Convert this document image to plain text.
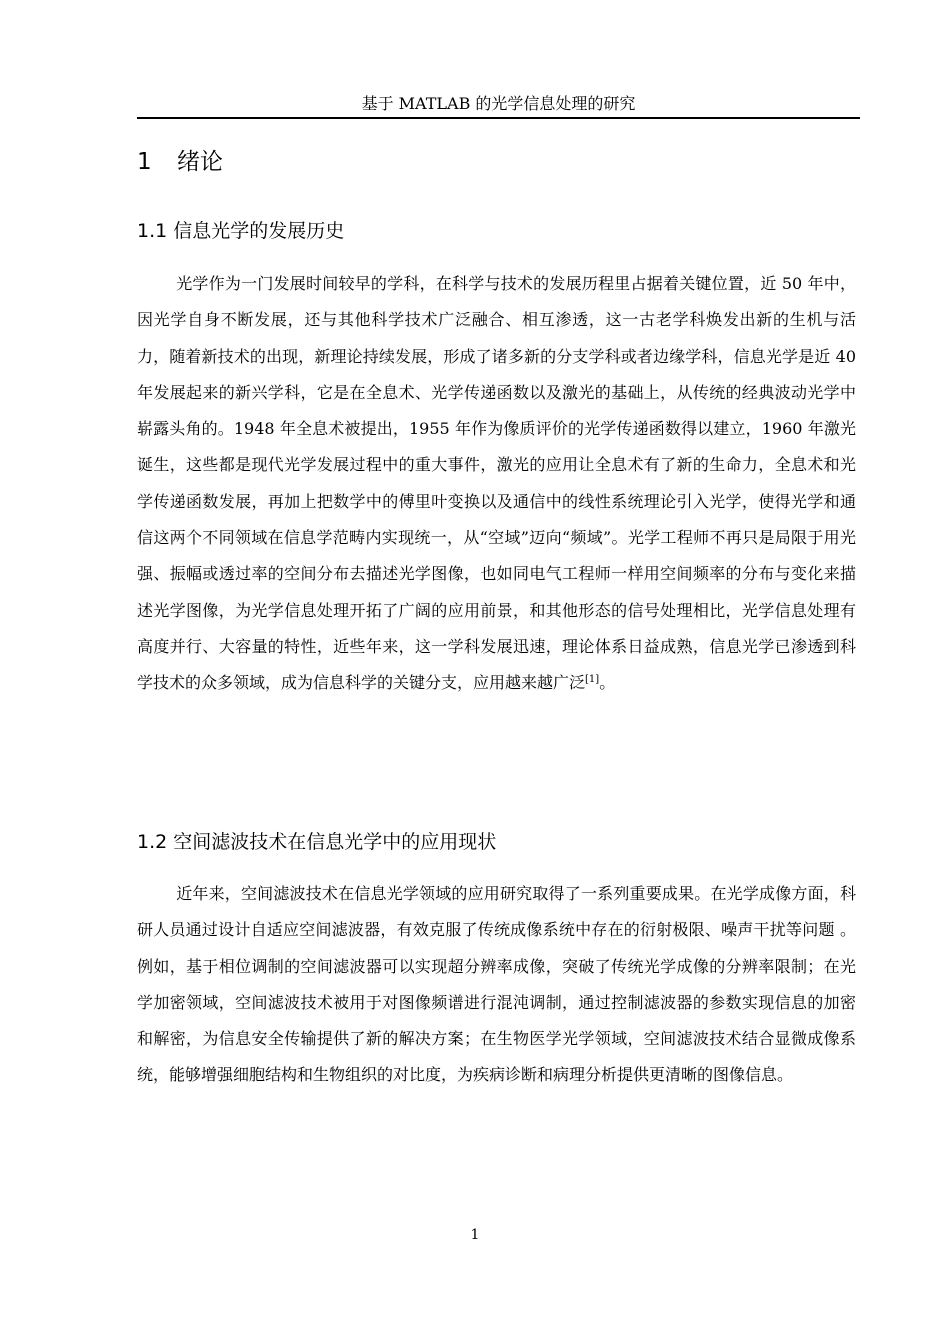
基于 MATLAB 的光学信息处理的研究
1 绪论
1.1 信息光学的发展历史

光学作为一门发展时间较早的学科，在科学与技术的发展历程里占据着关键位置，近 50 年中，因光学自身不断发展，还与其他科学技术广泛融合、相互渗透，这一古老学科焕发出新的生机与活力，随着新技术的出现，新理论持续发展，形成了诸多新的分支学科或者边缘学科，信息光学是近 40 年发展起来的新兴学科，它是在全息术、光学传递函数以及激光的基础上，从传统的经典波动光学中崭露头角的。1948 年全息术被提出，1955 年作为像质评价的光学传递函数得以建立，1960 年激光诞生，这些都是现代光学发展过程中的重大事件，激光的应用让全息术有了新的生命力，全息术和光学传递函数发展，再加上把数学中的傅里叶变换以及通信中的线性系统理论引入光学，使得光学和通信这两个不同领域在信息学范畴内实现统一，从“空域”迈向“频域”。光学工程师不再只是局限于用光强、振幅或透过率的空间分布去描述光学图像，也如同电气工程师一样用空间频率的分布与变化来描述光学图像，为光学信息处理开拓了广阔的应用前景，和其他形态的信号处理相比，光学信息处理有高度并行、大容量的特性，近些年来，这一学科发展迅速，理论体系日益成熟，信息光学已渗透到科学技术的众多领域，成为信息科学的关键分支，应用越来越广泛[1]。

1.2 空间滤波技术在信息光学中的应用现状

近年来，空间滤波技术在信息光学领域的应用研究取得了一系列重要成果。在光学成像方面，科研人员通过设计自适应空间滤波器，有效克服了传统成像系统中存在的衍射极限、噪声干扰等问题 。例如，基于相位调制的空间滤波器可以实现超分辨率成像，突破了传统光学成像的分辨率限制；在光学加密领域，空间滤波技术被用于对图像频谱进行混沌调制，通过控制滤波器的参数实现信息的加密和解密，为信息安全传输提供了新的解决方案；在生物医学光学领域，空间滤波技术结合显微成像系统，能够增强细胞结构和生物组织的对比度，为疾病诊断和病理分析提供更清晰的图像信息。

1
